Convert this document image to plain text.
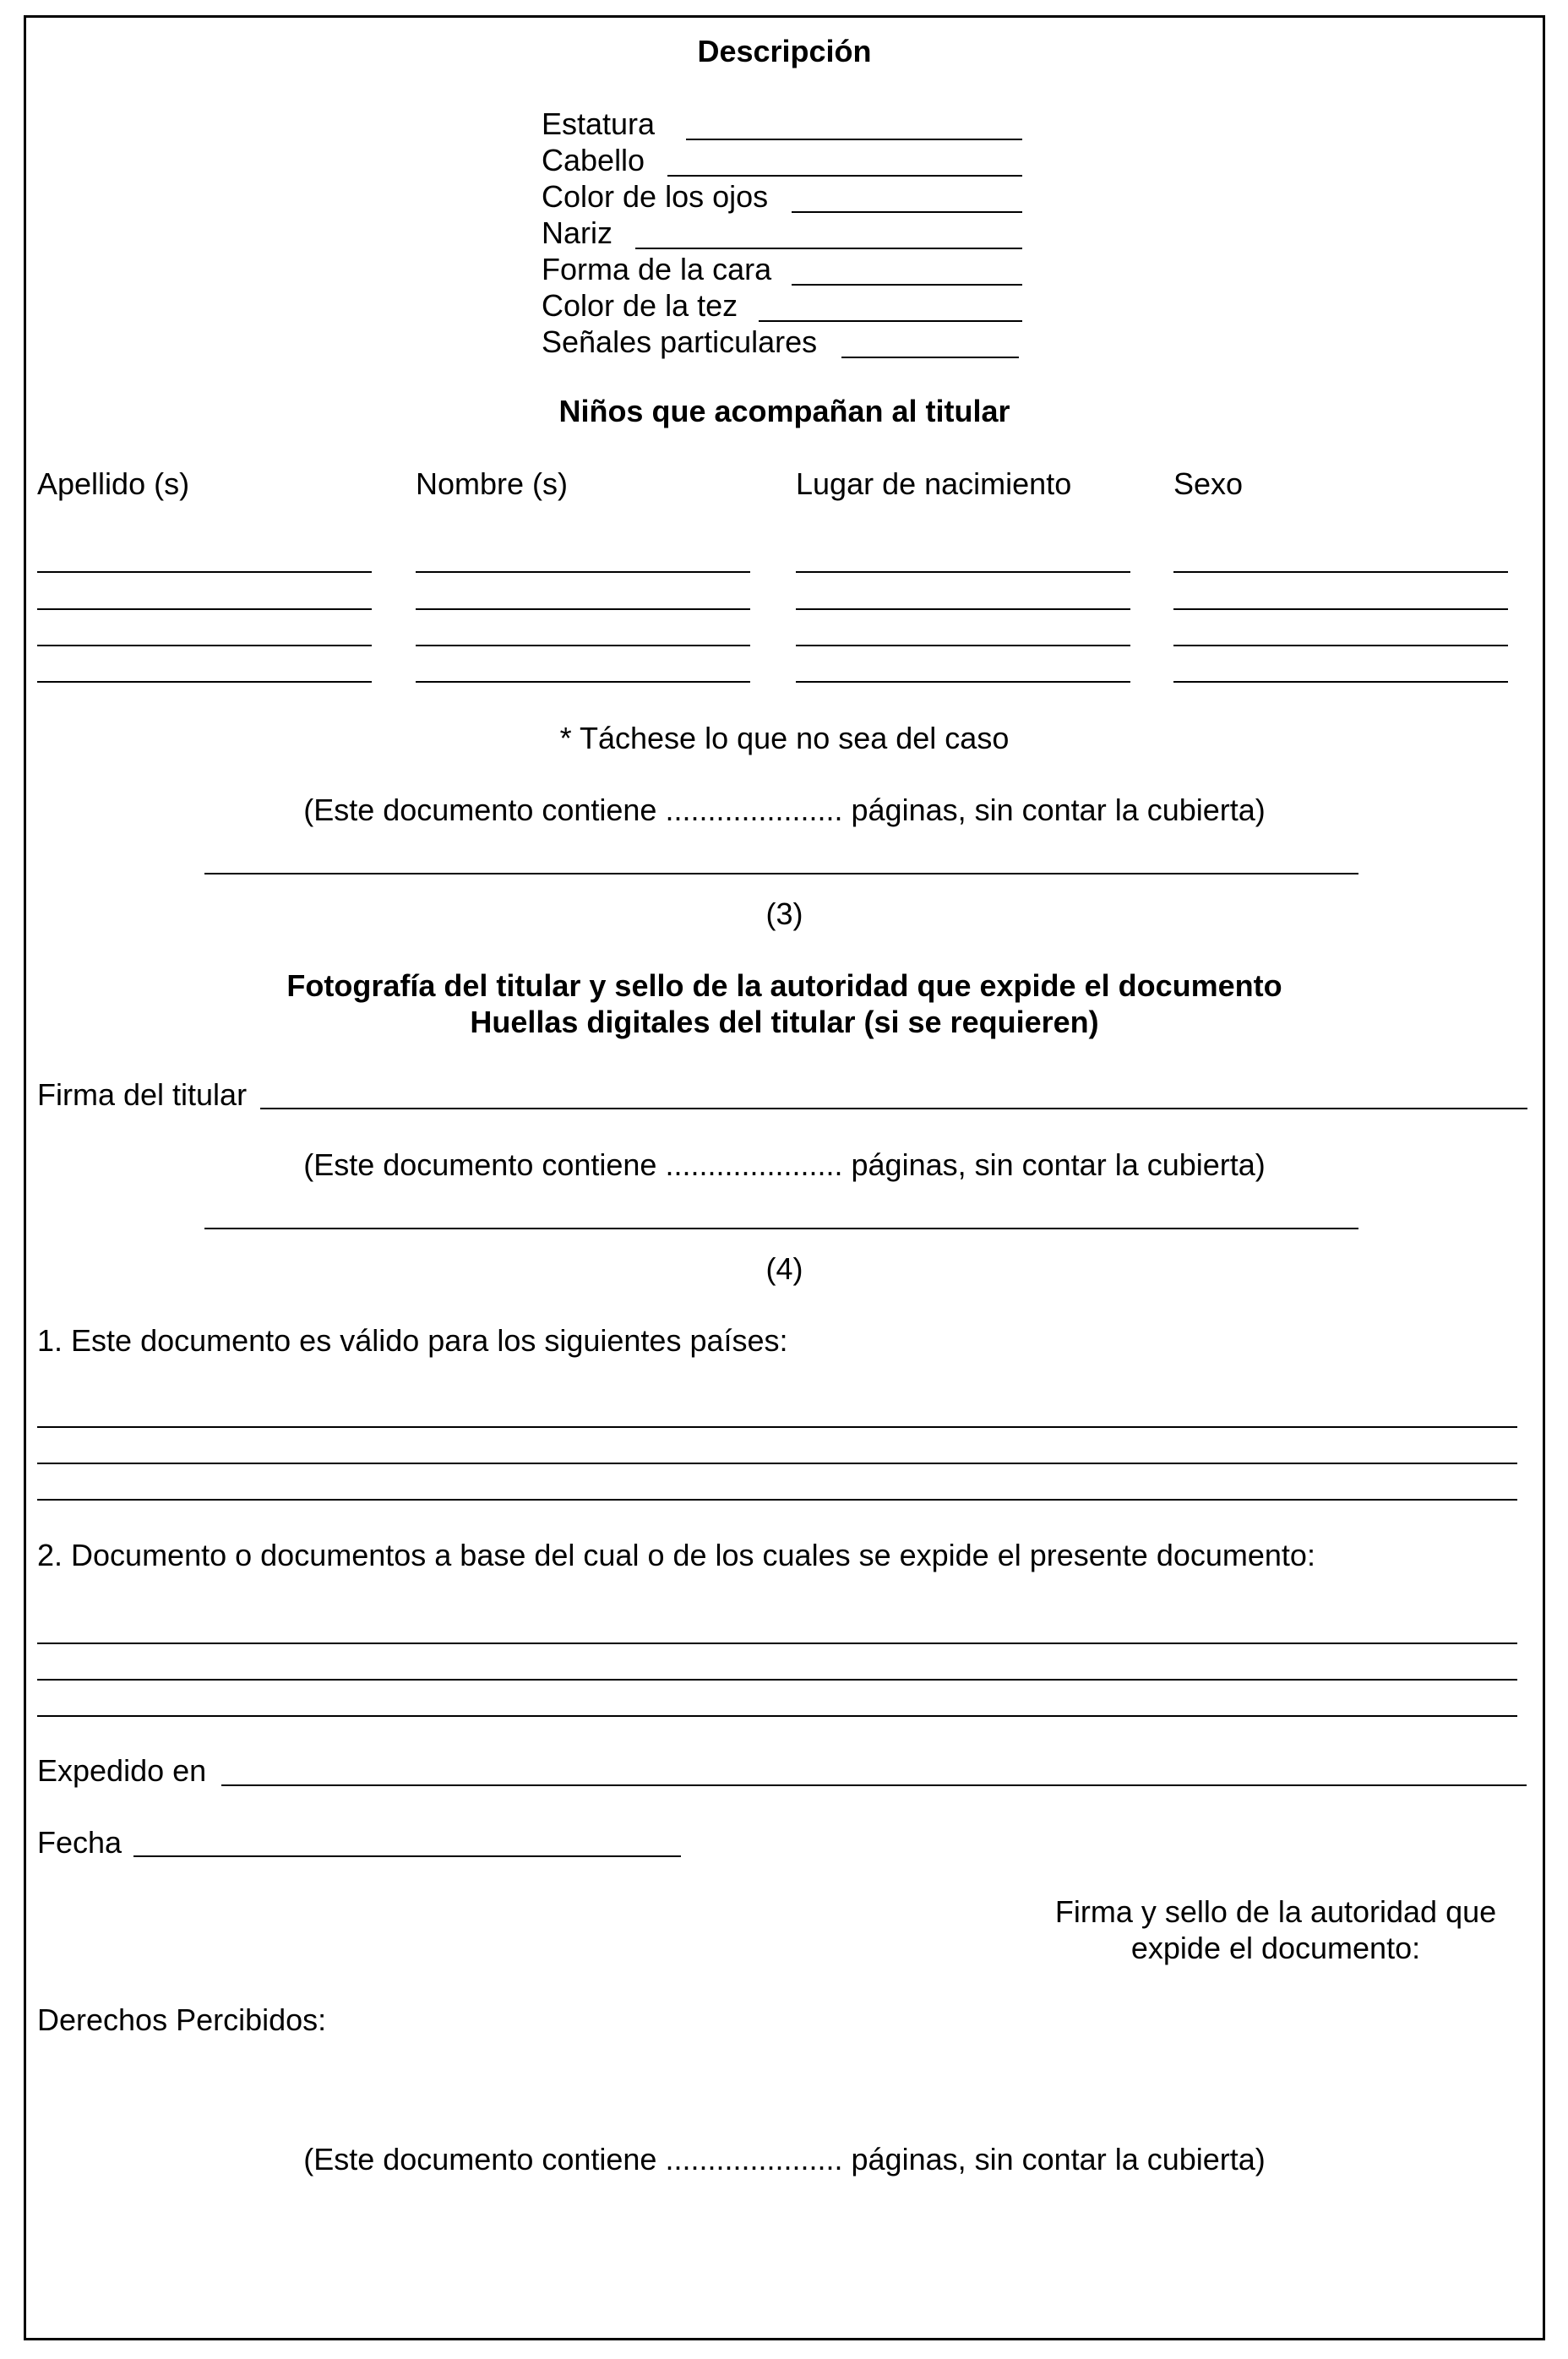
Descripción
Estatura
Cabello
Color de los ojos
Nariz
Forma de la cara
Color de la tez
Señales particulares
Niños que acompañan al titular
Apellido (s)	Nombre (s)	Lugar de nacimiento	Sexo
* Táchese lo que no sea del caso
(Este documento contiene ..................... páginas, sin contar la cubierta)
(3)
Fotografía del titular y sello de la autoridad que expide el documento
Huellas digitales del titular (si se requieren)
Firma del titular
(Este documento contiene ..................... páginas, sin contar la cubierta)
(4)
1. Este documento es válido para los siguientes países:
2. Documento o documentos a base del cual o de los cuales se expide el presente documento:
Expedido en
Fecha
Firma y sello de la autoridad que
expide el documento:
Derechos Percibidos:
(Este documento contiene ..................... páginas, sin contar la cubierta)
